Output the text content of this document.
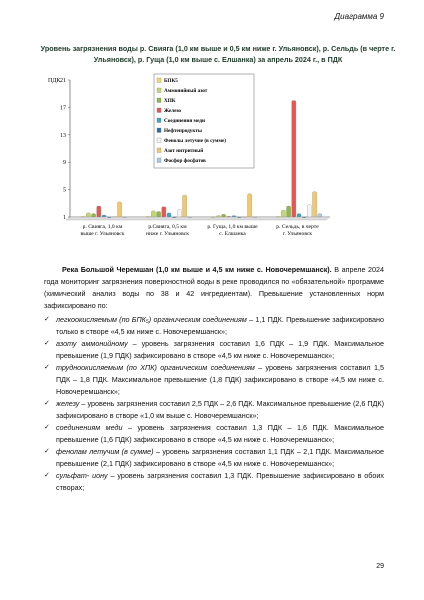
Диаграмма 9
Уровень загрязнения воды р. Свияга (1,0 км выше и 0,5 км ниже г. Ульяновск), р. Сельдь (в черте г. Ульяновск), р. Гуща (1,0 км выше с. Елшанка) за апрель 2024 г., в ПДК
1
5
9
13
17
21
ПДК
р. Свияга, 1,0 км
выше г. Ульяновск
р.Свияга, 0,5 км
ниже г. Ульяновск
р. Гуща, 1,0 км выше
с. Елшанка
р. Сельдь, в черте
г. Ульяновск
БПК5
Аммонийный азот
ХПК
Железо
Соединения меди
Нефтепродукты
Фенолы летучие (в сумме)
Азот нитритный
Фосфор фосфатов

Река Большой Черемшан (1,0 км выше и 4,5 км ниже с. Новочеремшанск). В апреле 2024 года мониторинг загрязнения поверхностной воды в реке проводился по «обязательной» программе (химический анализ воды по 38 и 42 ингредиентам). Превышение установленных норм зафиксировано по:

✓ легкоокисляемым (по БПК₅) органическим соединениям – 1,1 ПДК. Превышение зафиксировано только в створе «4,5 км ниже с. Новочеремшанск»;
✓ азоту аммонийному – уровень загрязнения составил 1,6 ПДК – 1,9 ПДК. Максимальное превышение (1,9 ПДК) зафиксировано в створе «4,5 км ниже с. Новочеремшанск»;
✓ трудноокисляемым (по ХПК) органическим соединениям – уровень загрязнения составил 1,5 ПДК – 1,8 ПДК. Максимальное превышение (1,8 ПДК) зафиксировано в створе «4,5 км ниже с. Новочеремшанск»;
✓ железу – уровень загрязнения составил 2,5 ПДК – 2,6 ПДК. Максимальное превышение (2,6 ПДК) зафиксировано в створе «1,0 км выше с. Новочеремшанск»;
✓ соединениям меди – уровень загрязнения составил 1,3 ПДК – 1,6 ПДК. Максимальное превышение (1,6 ПДК) зафиксировано в створе «4,5 км ниже с. Новочеремшанск»;
✓ фенолам летучим (в сумме) – уровень загрязнения составил 1,1 ПДК – 2,1 ПДК. Максимальное превышение (2,1 ПДК) зафиксировано в створе «4,5 км ниже с. Новочеремшанск»;
✓ сульфат- иону – уровень загрязнения составил 1,3 ПДК. Превышение зафиксировано в обоих створах;
29
